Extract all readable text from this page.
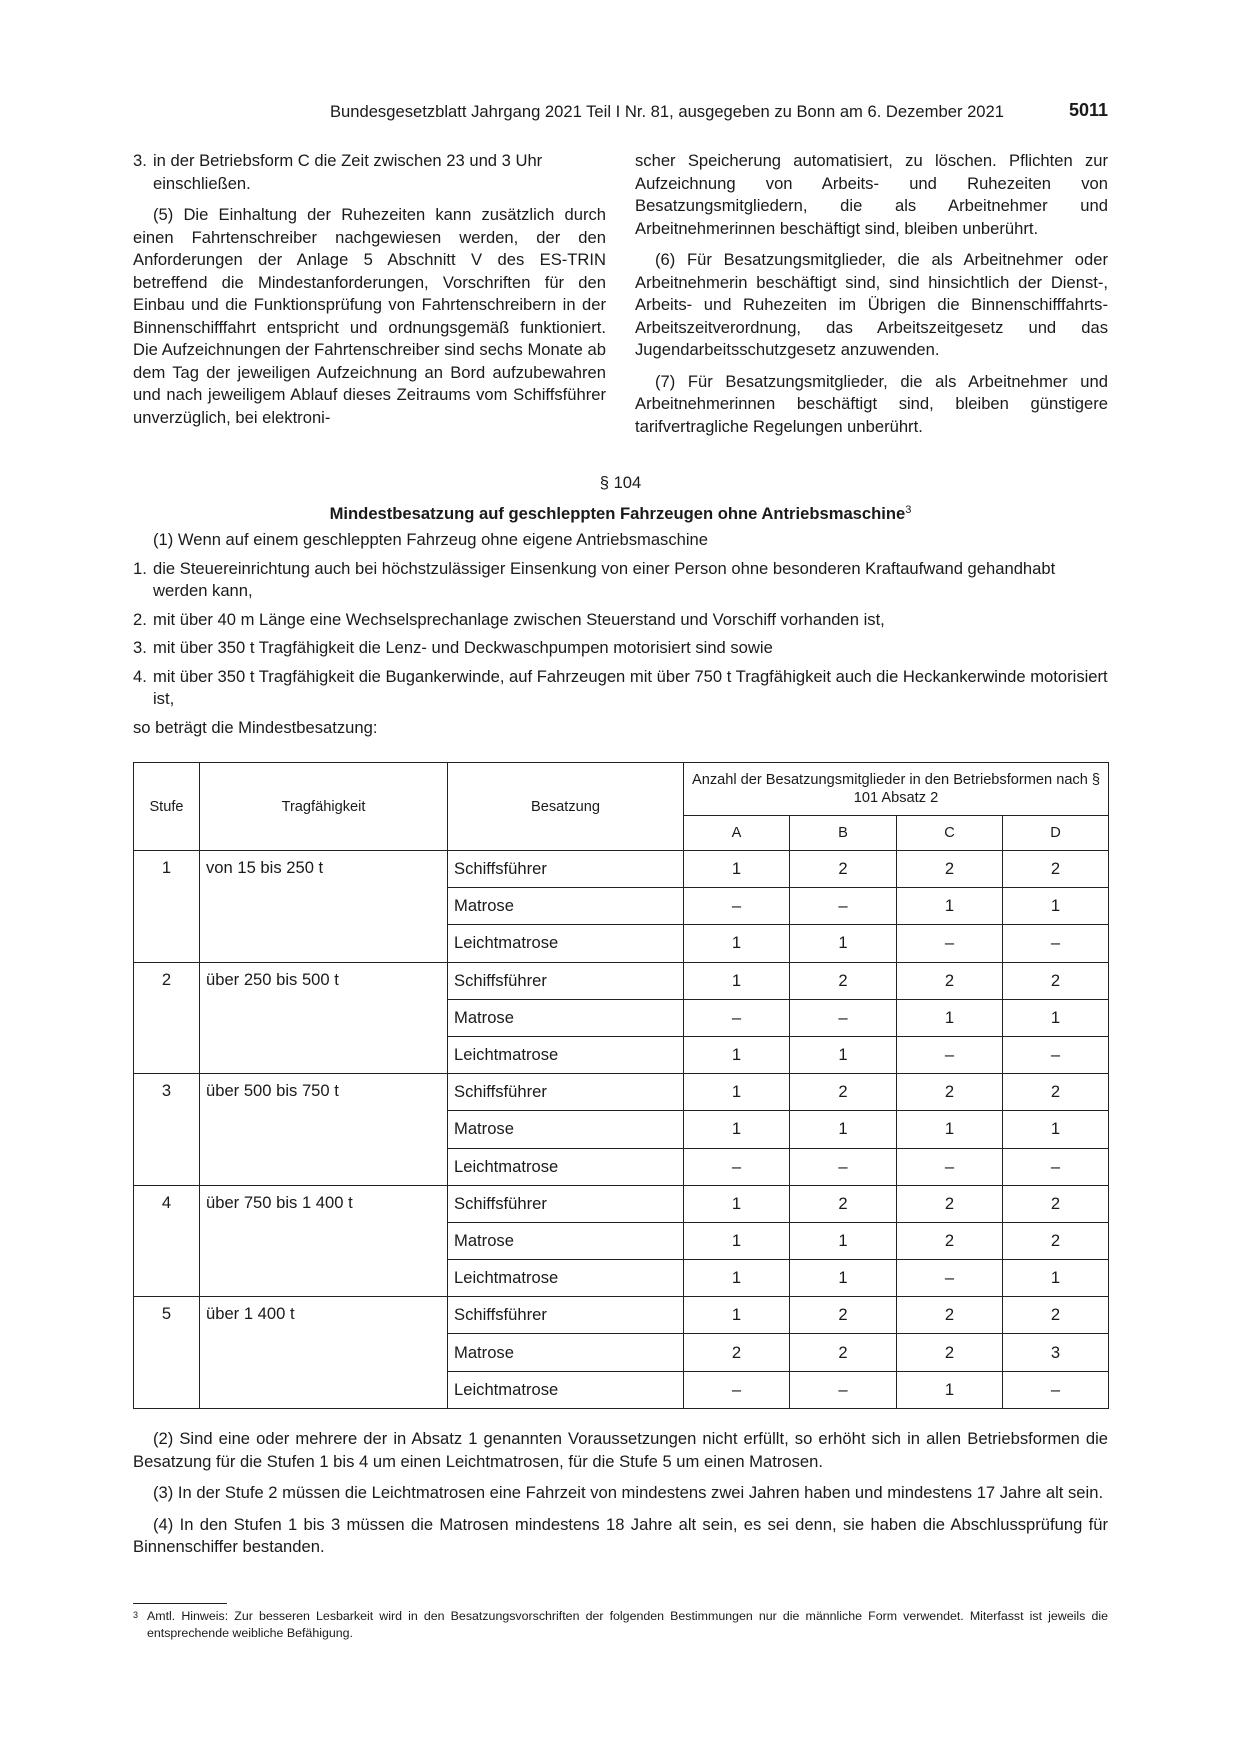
Bundesgesetzblatt Jahrgang 2021 Teil I Nr. 81, ausgegeben zu Bonn am 6. Dezember 2021	5011
3. in der Betriebsform C die Zeit zwischen 23 und 3 Uhr einschließen.

(5) Die Einhaltung der Ruhezeiten kann zusätzlich durch einen Fahrtenschreiber nachgewiesen werden, der den Anforderungen der Anlage 5 Abschnitt V des ES-TRIN betreffend die Mindestanforderungen, Vorschriften für den Einbau und die Funktionsprüfung von Fahrtenschreibern in der Binnenschifffahrt entspricht und ordnungsgemäß funktioniert. Die Aufzeichnungen der Fahrtenschreiber sind sechs Monate ab dem Tag der jeweiligen Aufzeichnung an Bord aufzubewahren und nach jeweiligem Ablauf dieses Zeitraums vom Schiffsführer unverzüglich, bei elektroni-

scher Speicherung automatisiert, zu löschen. Pflichten zur Aufzeichnung von Arbeits- und Ruhezeiten von Besatzungsmitgliedern, die als Arbeitnehmer und Arbeitnehmerinnen beschäftigt sind, bleiben unberührt.

(6) Für Besatzungsmitglieder, die als Arbeitnehmer oder Arbeitnehmerin beschäftigt sind, sind hinsichtlich der Dienst-, Arbeits- und Ruhezeiten im Übrigen die Binnenschifffahrts-Arbeitszeitverordnung, das Arbeitszeitgesetz und das Jugendarbeitsschutzgesetz anzuwenden.

(7) Für Besatzungsmitglieder, die als Arbeitnehmer und Arbeitnehmerinnen beschäftigt sind, bleiben günstigere tarifvertragliche Regelungen unberührt.

§ 104

Mindestbesatzung auf geschleppten Fahrzeugen ohne Antriebsmaschine$^3$

(1) Wenn auf einem geschleppten Fahrzeug ohne eigene Antriebsmaschine

1. die Steuereinrichtung auch bei höchstzulässiger Einsenkung von einer Person ohne besonderen Kraftaufwand gehandhabt werden kann,
2. mit über 40 m Länge eine Wechselsprechanlage zwischen Steuerstand und Vorschiff vorhanden ist,
3. mit über 350 t Tragfähigkeit die Lenz- und Deckwaschpumpen motorisiert sind sowie
4. mit über 350 t Tragfähigkeit die Bugankerwinde, auf Fahrzeugen mit über 750 t Tragfähigkeit auch die Heckankerwinde motorisiert ist,

so beträgt die Mindestbesatzung:

Stufe	Tragfähigkeit	Besatzung	Anzahl der Besatzungsmitglieder in den Betriebsformen nach § 101 Absatz 2			
			A	B	C	D
1	von 15 bis 250 t	Schiffsführer	1	2	2	2
		Matrose	–	–	1	1
		Leichtmatrose	1	1	–	–
2	über 250 bis 500 t	Schiffsführer	1	2	2	2
		Matrose	–	–	1	1
		Leichtmatrose	1	1	–	–
3	über 500 bis 750 t	Schiffsführer	1	2	2	2
		Matrose	1	1	1	1
		Leichtmatrose	–	–	–	–
4	über 750 bis 1 400 t	Schiffsführer	1	2	2	2
		Matrose	1	1	2	2
		Leichtmatrose	1	1	–	1
5	über 1 400 t	Schiffsführer	1	2	2	2
		Matrose	2	2	2	3
		Leichtmatrose	–	–	1	–

(2) Sind eine oder mehrere der in Absatz 1 genannten Voraussetzungen nicht erfüllt, so erhöht sich in allen Betriebsformen die Besatzung für die Stufen 1 bis 4 um einen Leichtmatrosen, für die Stufe 5 um einen Matrosen.

(3) In der Stufe 2 müssen die Leichtmatrosen eine Fahrzeit von mindestens zwei Jahren haben und mindestens 17 Jahre alt sein.

(4) In den Stufen 1 bis 3 müssen die Matrosen mindestens 18 Jahre alt sein, es sei denn, sie haben die Abschlussprüfung für Binnenschiffer bestanden.

3 Amtl. Hinweis: Zur besseren Lesbarkeit wird in den Besatzungsvorschriften der folgenden Bestimmungen nur die männliche Form verwendet. Miterfasst ist jeweils die entsprechende weibliche Befähigung.
